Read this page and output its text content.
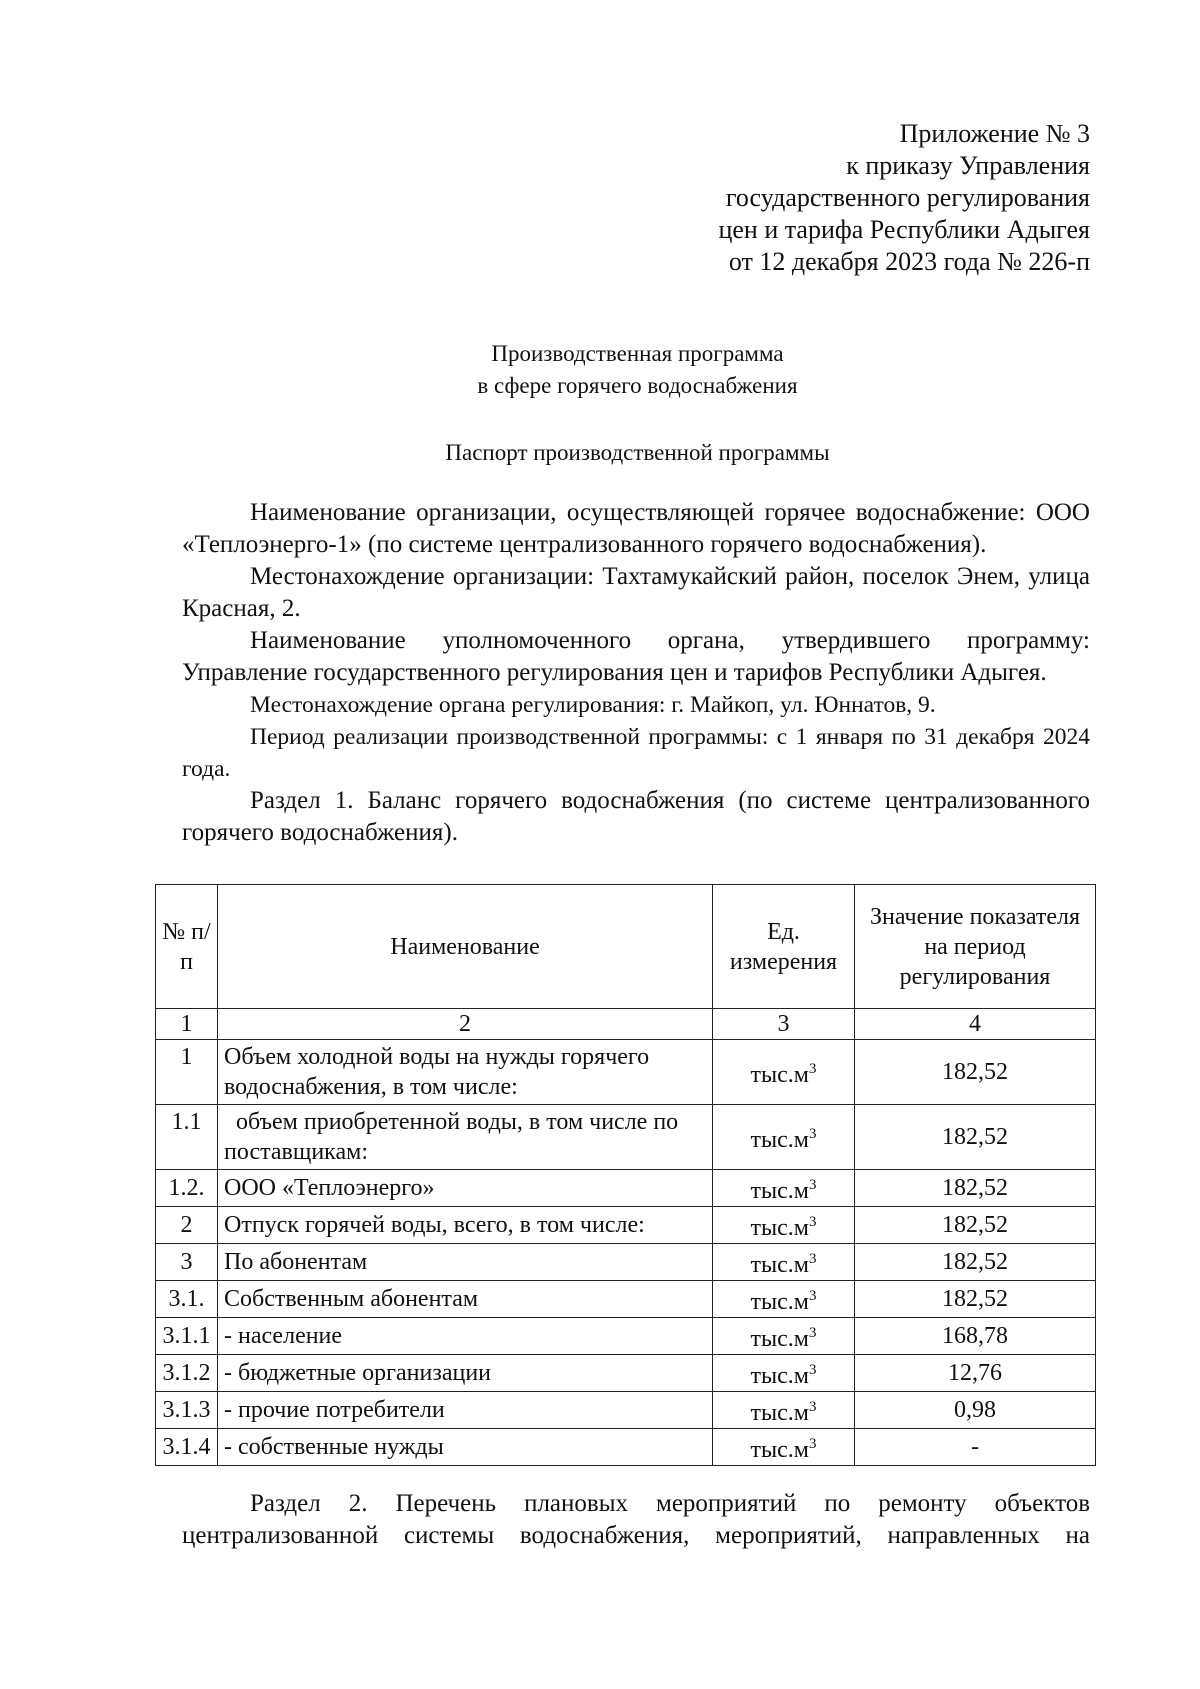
Приложение № 3
к приказу Управления
государственного регулирования
цен и тарифа Республики Адыгея
от 12 декабря 2023 года № 226-п
Производственная программа
в сфере горячего водоснабжения
Паспорт производственной программы

Наименование организации, осуществляющей горячее водоснабжение: ООО «Теплоэнерго-1» (по системе централизованного горячего водоснабжения).

Местонахождение организации: Тахтамукайский район, поселок Энем, улица Красная, 2.

Наименование уполномоченного органа, утвердившего программу: Управление государственного регулирования цен и тарифов Республики Адыгея.

Местонахождение органа регулирования: г. Майкоп, ул. Юннатов, 9.

Период реализации производственной программы: с 1 января по 31 декабря 2024 года.

Раздел 1. Баланс горячего водоснабжения (по системе централизованного горячего водоснабжения).

№ п/п	Наименование	Ед. измерения	Значение показателя на период регулирования
1	2	3	4
1	Объем холодной воды на нужды горячего водоснабжения, в том числе:	$тыс.м^3$	182,52
1.1	объем приобретенной воды, в том числе по поставщикам:	$тыс.м^3$	182,52
1.2.	ООО «Теплоэнерго»	$тыс.м^3$	182,52
2	Отпуск горячей воды, всего, в том числе:	$тыс.м^3$	182,52
3	По абонентам	$тыс.м^3$	182,52
3.1.	Собственным абонентам	$тыс.м^3$	182,52
3.1.1	- население	$тыс.м^3$	168,78
3.1.2	- бюджетные организации	$тыс.м^3$	12,76
3.1.3	- прочие потребители	$тыс.м^3$	0,98
3.1.4	- собственные нужды	$тыс.м^3$	-

Раздел 2. Перечень плановых мероприятий по ремонту объектов централизованной системы водоснабжения, мероприятий, направленных на
